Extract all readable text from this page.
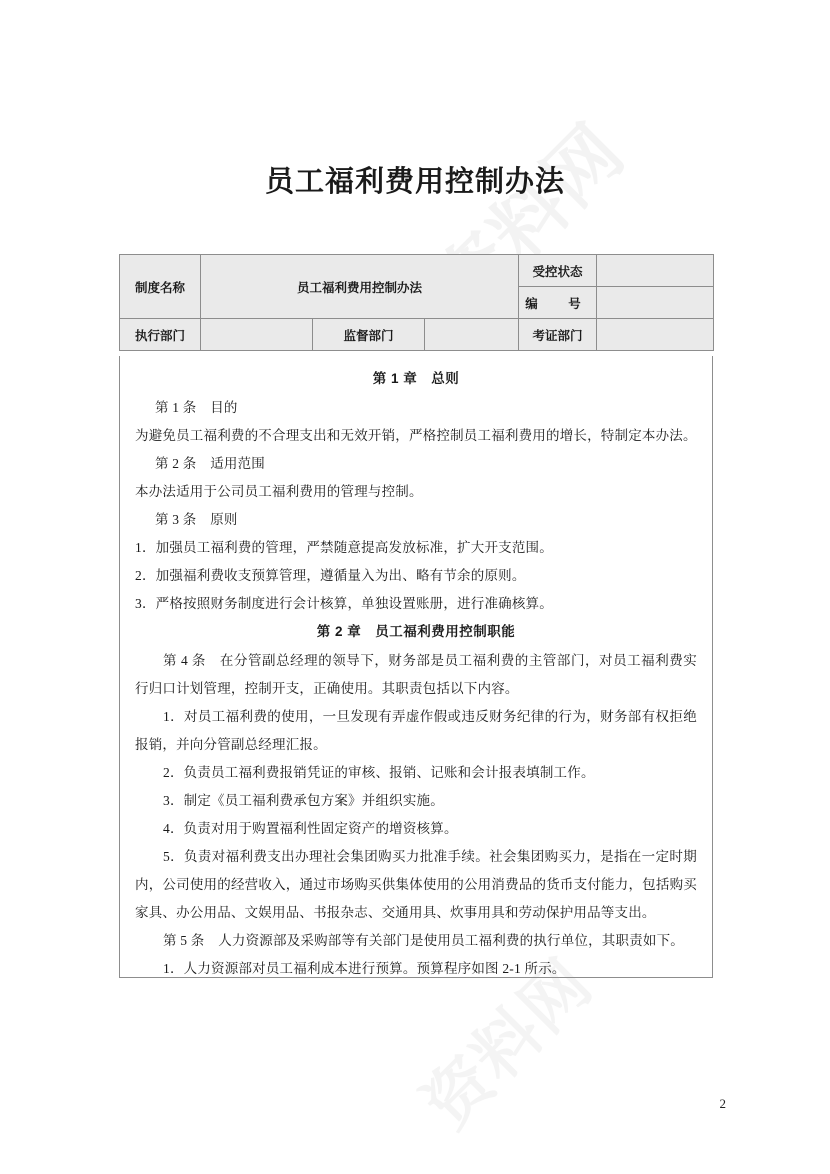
员工福利费用控制办法
制度名称	员工福利费用控制办法			受控状态	
				编　号	
执行部门		监督部门		考证部门	
第 1 章　总则

第 1 条　目的

为避免员工福利费的不合理支出和无效开销，严格控制员工福利费用的增长，特制定本办法。

第 2 条　适用范围

本办法适用于公司员工福利费用的管理与控制。

第 3 条　原则

1．加强员工福利费的管理，严禁随意提高发放标准，扩大开支范围。

2．加强福利费收支预算管理，遵循量入为出、略有节余的原则。

3．严格按照财务制度进行会计核算，单独设置账册，进行准确核算。

第 2 章　员工福利费用控制职能

第 4 条　在分管副总经理的领导下，财务部是员工福利费的主管部门，对员工福利费实行归口计划管理，控制开支，正确使用。其职责包括以下内容。

1．对员工福利费的使用，一旦发现有弄虚作假或违反财务纪律的行为，财务部有权拒绝报销，并向分管副总经理汇报。

2．负责员工福利费报销凭证的审核、报销、记账和会计报表填制工作。

3．制定《员工福利费承包方案》并组织实施。

4．负责对用于购置福利性固定资产的增资核算。

5．负责对福利费支出办理社会集团购买力批准手续。社会集团购买力，是指在一定时期内，公司使用的经营收入，通过市场购买供集体使用的公用消费品的货币支付能力，包括购买家具、办公用品、文娱用品、书报杂志、交通用具、炊事用具和劳动保护用品等支出。

第 5 条　人力资源部及采购部等有关部门是使用员工福利费的执行单位，其职责如下。

1．人力资源部对员工福利成本进行预算。预算程序如图 2-1 所示。

2
